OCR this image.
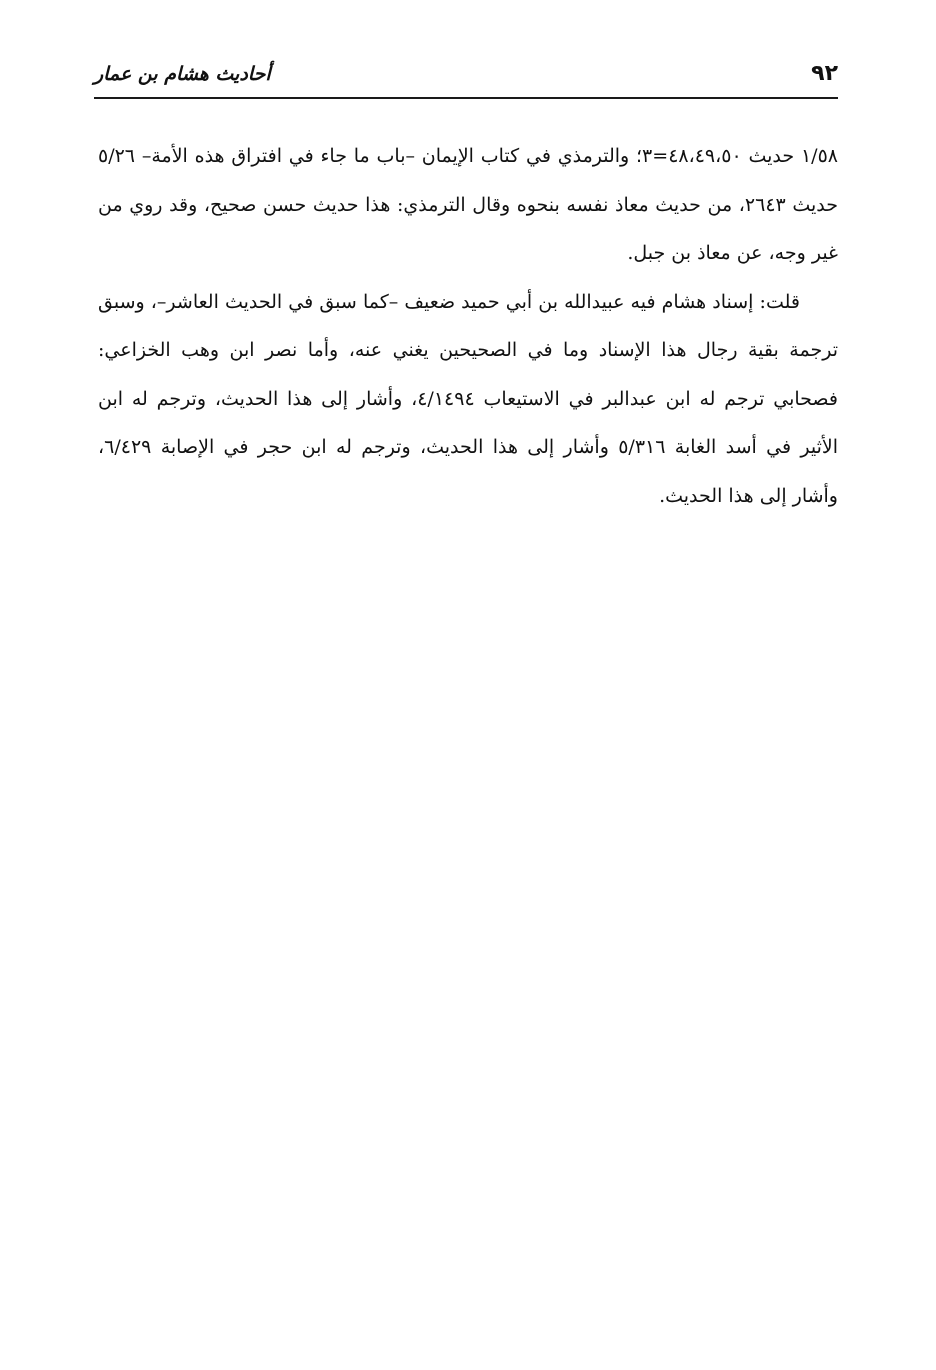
٩٢
أحاديث هشام بن عمار

١/٥٨ حديث ٤٨،٤٩،٥٠=٣؛ والترمذي في كتاب الإيمان –باب ما جاء في افتراق هذه الأمة– ٥/٢٦ حديث ٢٦٤٣، من حديث معاذ نفسه بنحوه وقال الترمذي: هذا حديث حسن صحيح، وقد روي من غير وجه، عن معاذ بن جبل.

قلت: إسناد هشام فيه عبيدالله بن أبي حميد ضعيف –كما سبق في الحديث العاشر–، وسبق ترجمة بقية رجال هذا الإسناد وما في الصحيحين يغني عنه، وأما نصر ابن وهب الخزاعي: فصحابي ترجم له ابن عبدالبر في الاستيعاب ٤/١٤٩٤، وأشار إلى هذا الحديث، وترجم له ابن الأثير في أسد الغابة ٥/٣١٦ وأشار إلى هذا الحديث، وترجم له ابن حجر في الإصابة ٦/٤٢٩، وأشار إلى هذا الحديث.
